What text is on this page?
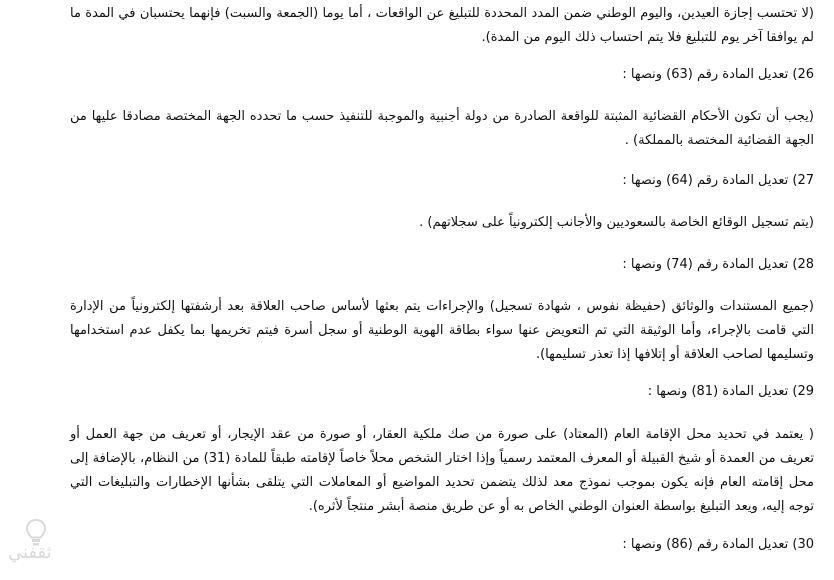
(لا تحتسب إجازة العيدين، واليوم الوطني ضمن المدد المحددة للتبليغ عن الواقعات ، أما يوما (الجمعة والسبت) فإنهما يحتسبان في المدة ما لم يوافقا آخر يوم للتبليغ فلا يتم احتساب ذلك اليوم من المدة).

26) تعديل المادة رقم (63) ونصها :

(يجب أن تكون الأحكام القضائية المثبتة للواقعة الصادرة من دولة أجنبية والموجبة للتنفيذ حسب ما تحدده الجهة المختصة مصادقا عليها من الجهة القضائية المختصة بالمملكة) .

27) تعديل المادة رقم (64) ونصها :

(يتم تسجيل الوقائع الخاصة بالسعوديين والأجانب إلكترونياً على سجلاتهم) .

28) تعديل المادة رقم (74) ونصها :

(جميع المستندات والوثائق (حفيظة نفوس ، شهادة تسجيل) والإجراءات يتم بعثها لأساس صاحب العلاقة بعد أرشفتها إلكترونياً من الإدارة التي قامت بالإجراء، وأما الوثيقة التي تم التعويض عنها سواء بطاقة الهوية الوطنية أو سجل أسرة فيتم تخريمها بما يكفل عدم استخدامها وتسليمها لصاحب العلاقة أو إتلافها إذا تعذر تسليمها).

29) تعديل المادة (81) ونصها :

( يعتمد في تحديد محل الإقامة العام (المعتاد) على صورة من صك ملكية العقار، أو صورة من عقد الإيجار، أو تعريف من جهة العمل أو تعريف من العمدة أو شيخ القبيلة أو المعرف المعتمد رسمياً وإذا اختار الشخص محلاً خاصاً لإقامته طبقاً للمادة (31) من النظام، بالإضافة إلى محل إقامته العام فإنه يكون بموجب نموذج معد لذلك يتضمن تحديد المواضيع أو المعاملات التي يتلقى بشأنها الإخطارات والتبليغات التي توجه إليه، ويعد التبليغ بواسطة العنوان الوطني الخاص به أو عن طريق منصة أبشر منتجاً لأثره).

30) تعديل المادة رقم (86) ونصها :

ثقفني
